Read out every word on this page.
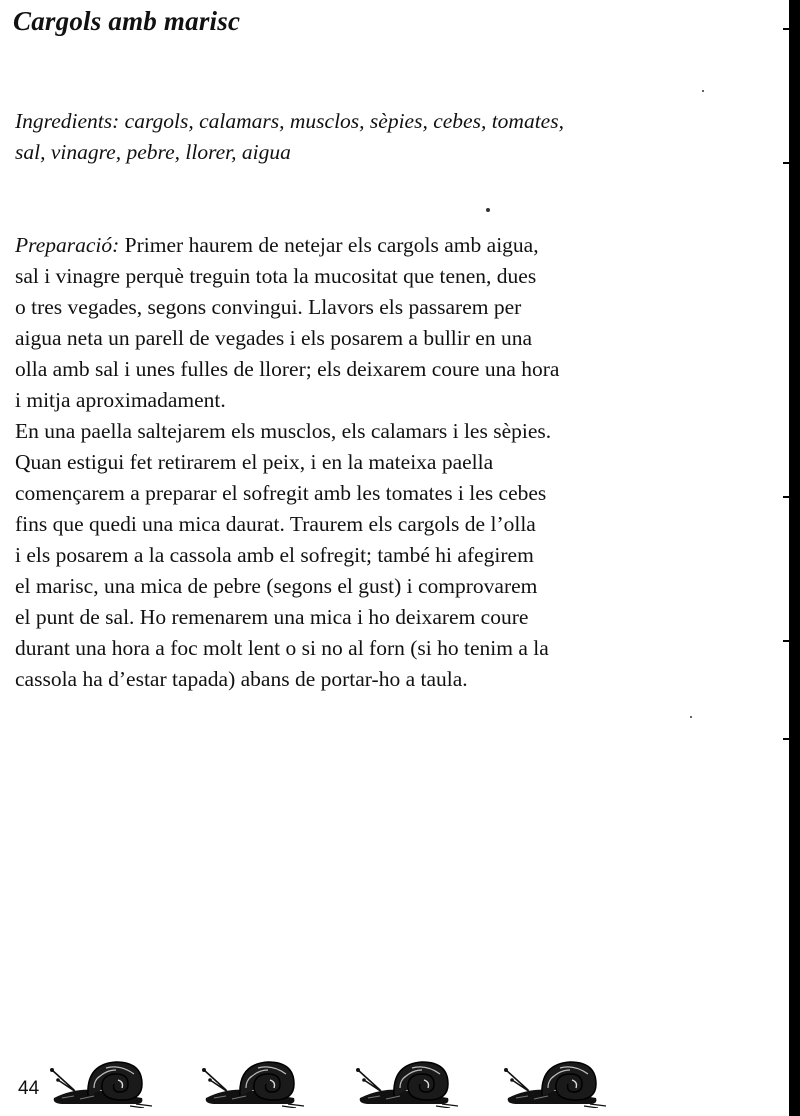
Cargols amb marisc
Ingredients: cargols, calamars, musclos, sèpies, cebes, tomates,
sal, vinagre, pebre, llorer, aigua
Preparació: Primer haurem de netejar els cargols amb aigua,
sal i vinagre perquè treguin tota la mucositat que tenen, dues
o tres vegades, segons convingui. Llavors els passarem per
aigua neta un parell de vegades i els posarem a bullir en una
olla amb sal i unes fulles de llorer; els deixarem coure una hora
i mitja aproximadament.
En una paella saltejarem els musclos, els calamars i les sèpies.
Quan estigui fet retirarem el peix, i en la mateixa paella
començarem a preparar el sofregit amb les tomates i les cebes
fins que quedi una mica daurat. Traurem els cargols de l’olla
i els posarem a la cassola amb el sofregit; també hi afegirem
el marisc, una mica de pebre (segons el gust) i comprovarem
el punt de sal. Ho remenarem una mica i ho deixarem coure
durant una hora a foc molt lent o si no al forn (si ho tenim a la
cassola ha d’estar tapada) abans de portar-ho a taula.
44
